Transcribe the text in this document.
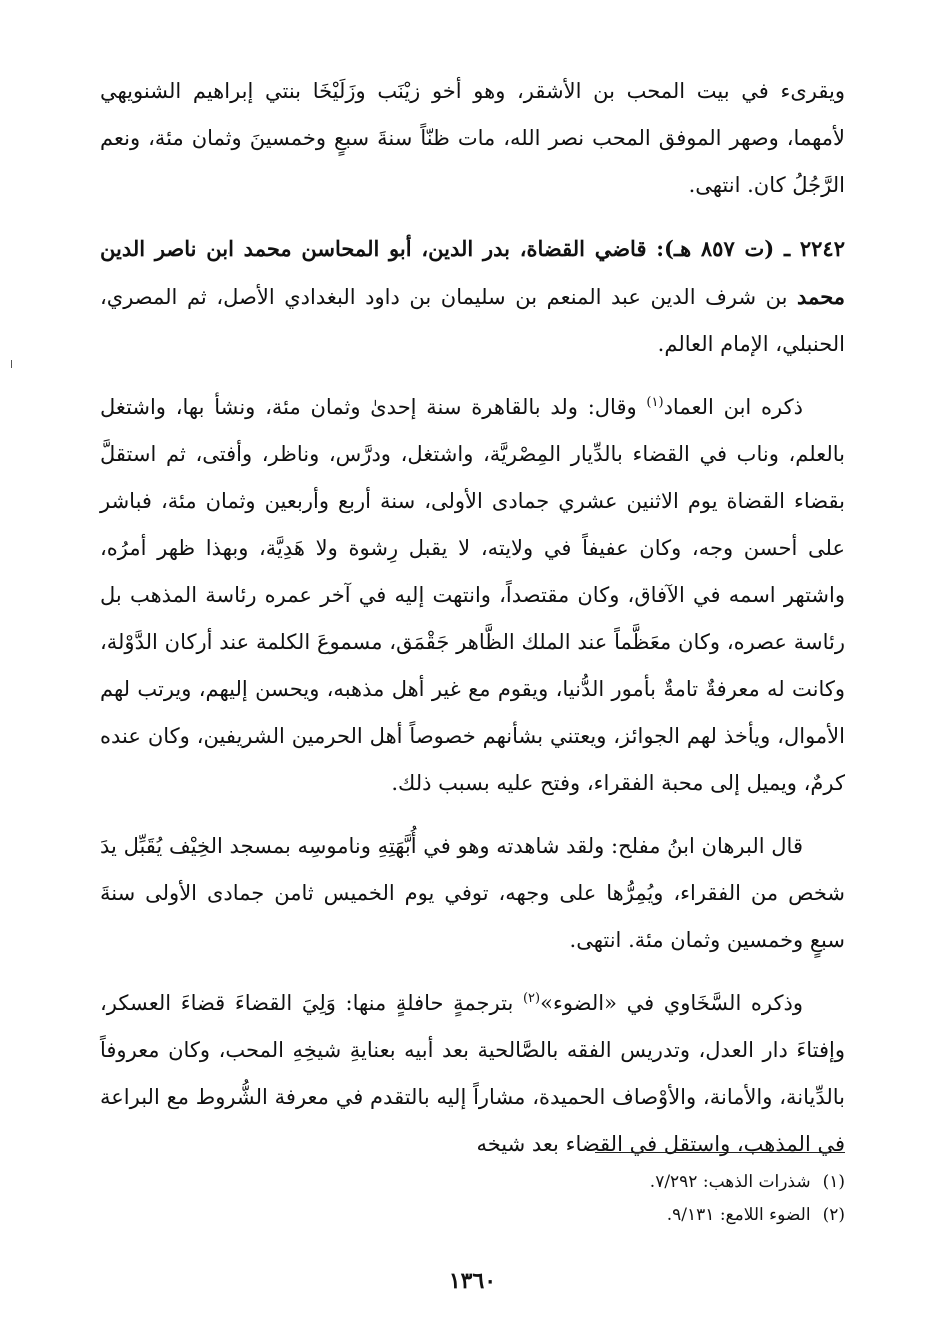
ويقرىء في بيت المحب بن الأشقر، وهو أخو زيْنَب وزَلَيْخَا بنتي إبراهيم الشنويهي لأمهما، وصهر الموفق المحب نصر الله، مات ظنّاً سنةَ سبعٍ وخمسينَ وثمان مئة، ونعم الرَّجُلُ كان. انتهى.

٢٢٤٢ ـ (ت ٨٥٧ هـ): قاضي القضاة، بدر الدين، أبو المحاسن محمد ابن ناصر الدين محمد بن شرف الدين عبد المنعم بن سليمان بن داود البغدادي الأصل، ثم المصري، الحنبلي، الإمام العالم.

ذكره ابن العماد$^{(١)}$ وقال: ولد بالقاهرة سنة إحدىٰ وثمان مئة، ونشأ بها، واشتغل بالعلم، وناب في القضاء بالدِّيار المِصْريَّة، واشتغل، ودرَّس، وناظر، وأفتى، ثم استقلَّ بقضاء القضاة يوم الاثنين عشري جمادى الأولى، سنة أربع وأربعين وثمان مئة، فباشر على أحسن وجه، وكان عفيفاً في ولايته، لا يقبل رِشوة ولا هَدِيَّة، وبهذا ظهر أمرُه، واشتهر اسمه في الآفاق، وكان مقتصداً، وانتهت إليه في آخر عمره رئاسة المذهب بل رئاسة عصره، وكان معَظَّماً عند الملك الظَّاهر جَقْمَق، مسموعَ الكلمة عند أركان الدَّوْلة، وكانت له معرفةٌ تامةٌ بأمور الدُّنيا، ويقوم مع غير أهل مذهبه، ويحسن إليهم، ويرتب لهم الأموال، ويأخذ لهم الجوائز، ويعتني بشأنهم خصوصاً أهل الحرمين الشريفين، وكان عنده كرمٌ، ويميل إلى محبة الفقراء، وفتح عليه بسبب ذلك.

قال البرهان ابنُ مفلح: ولقد شاهدته وهو في أُبَّهَتِهِ وناموسِه بمسجد الخِيْف يُقَبِّل يدَ شخص من الفقراء، ويُمِرُّها على وجهه، توفي يوم الخميس ثامن جمادى الأولى سنةَ سبعٍ وخمسين وثمان مئة. انتهى.

وذكره السَّخَاوي في «الضوء»$^{(٢)}$ بترجمةٍ حافلةٍ منها: وَلِيَ القضاءَ قضاءَ العسكر، وإفتاءَ دار العدل، وتدريس الفقه بالصَّالحية بعد أبيه بعنايةِ شيخِهِ المحب، وكان معروفاً بالدِّيانة، والأمانة، والأوْصاف الحميدة، مشاراً إليه بالتقدم في معرفة الشُّروط مع البراعة في المذهب، واستقل في القضاء بعد شيخه

(١)شذرات الذهب: ٧/٢٩٢.

(٢)الضوء اللامع: ٩/١٣١.

١٣٦٠
